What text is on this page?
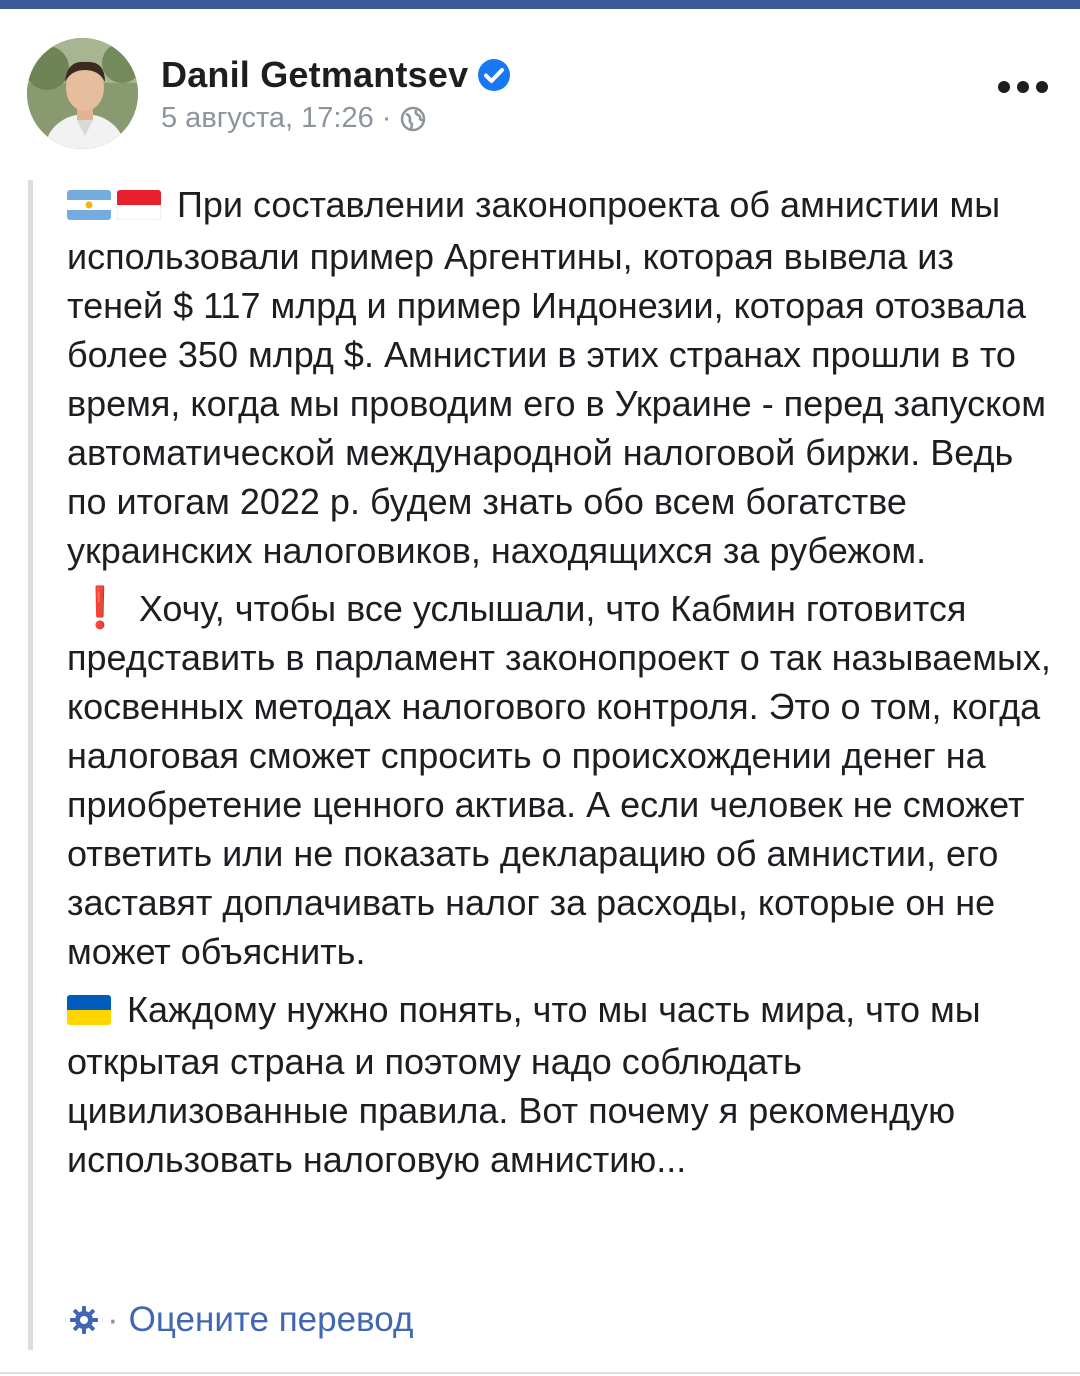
Danil Getmantsev
5 августа, 17:26 ·

При составлении законопроекта об амнистии мы использовали пример Аргентины, которая вывела из теней $ 117 млрд и пример Индонезии, которая отозвала более 350 млрд $. Амнистии в этих странах прошли в то время, когда мы проводим его в Украине - перед запуском автоматической международной налоговой биржи. Ведь по итогам 2022 р. будем знать обо всем богатстве украинских налоговиков, находящихся за рубежом.

❗ Хочу, чтобы все услышали, что Кабмин готовится представить в парламент законопроект о так называемых, косвенных методах налогового контроля. Это о том, когда налоговая сможет спросить о происхождении денег на приобретение ценного актива. А если человек не сможет ответить или не показать декларацию об амнистии, его заставят доплачивать налог за расходы, которые он не может объяснить.

Каждому нужно понять, что мы часть мира, что мы открытая страна и поэтому надо соблюдать цивилизованные правила. Вот почему я рекомендую использовать налоговую амнистию...

· Оцените перевод
